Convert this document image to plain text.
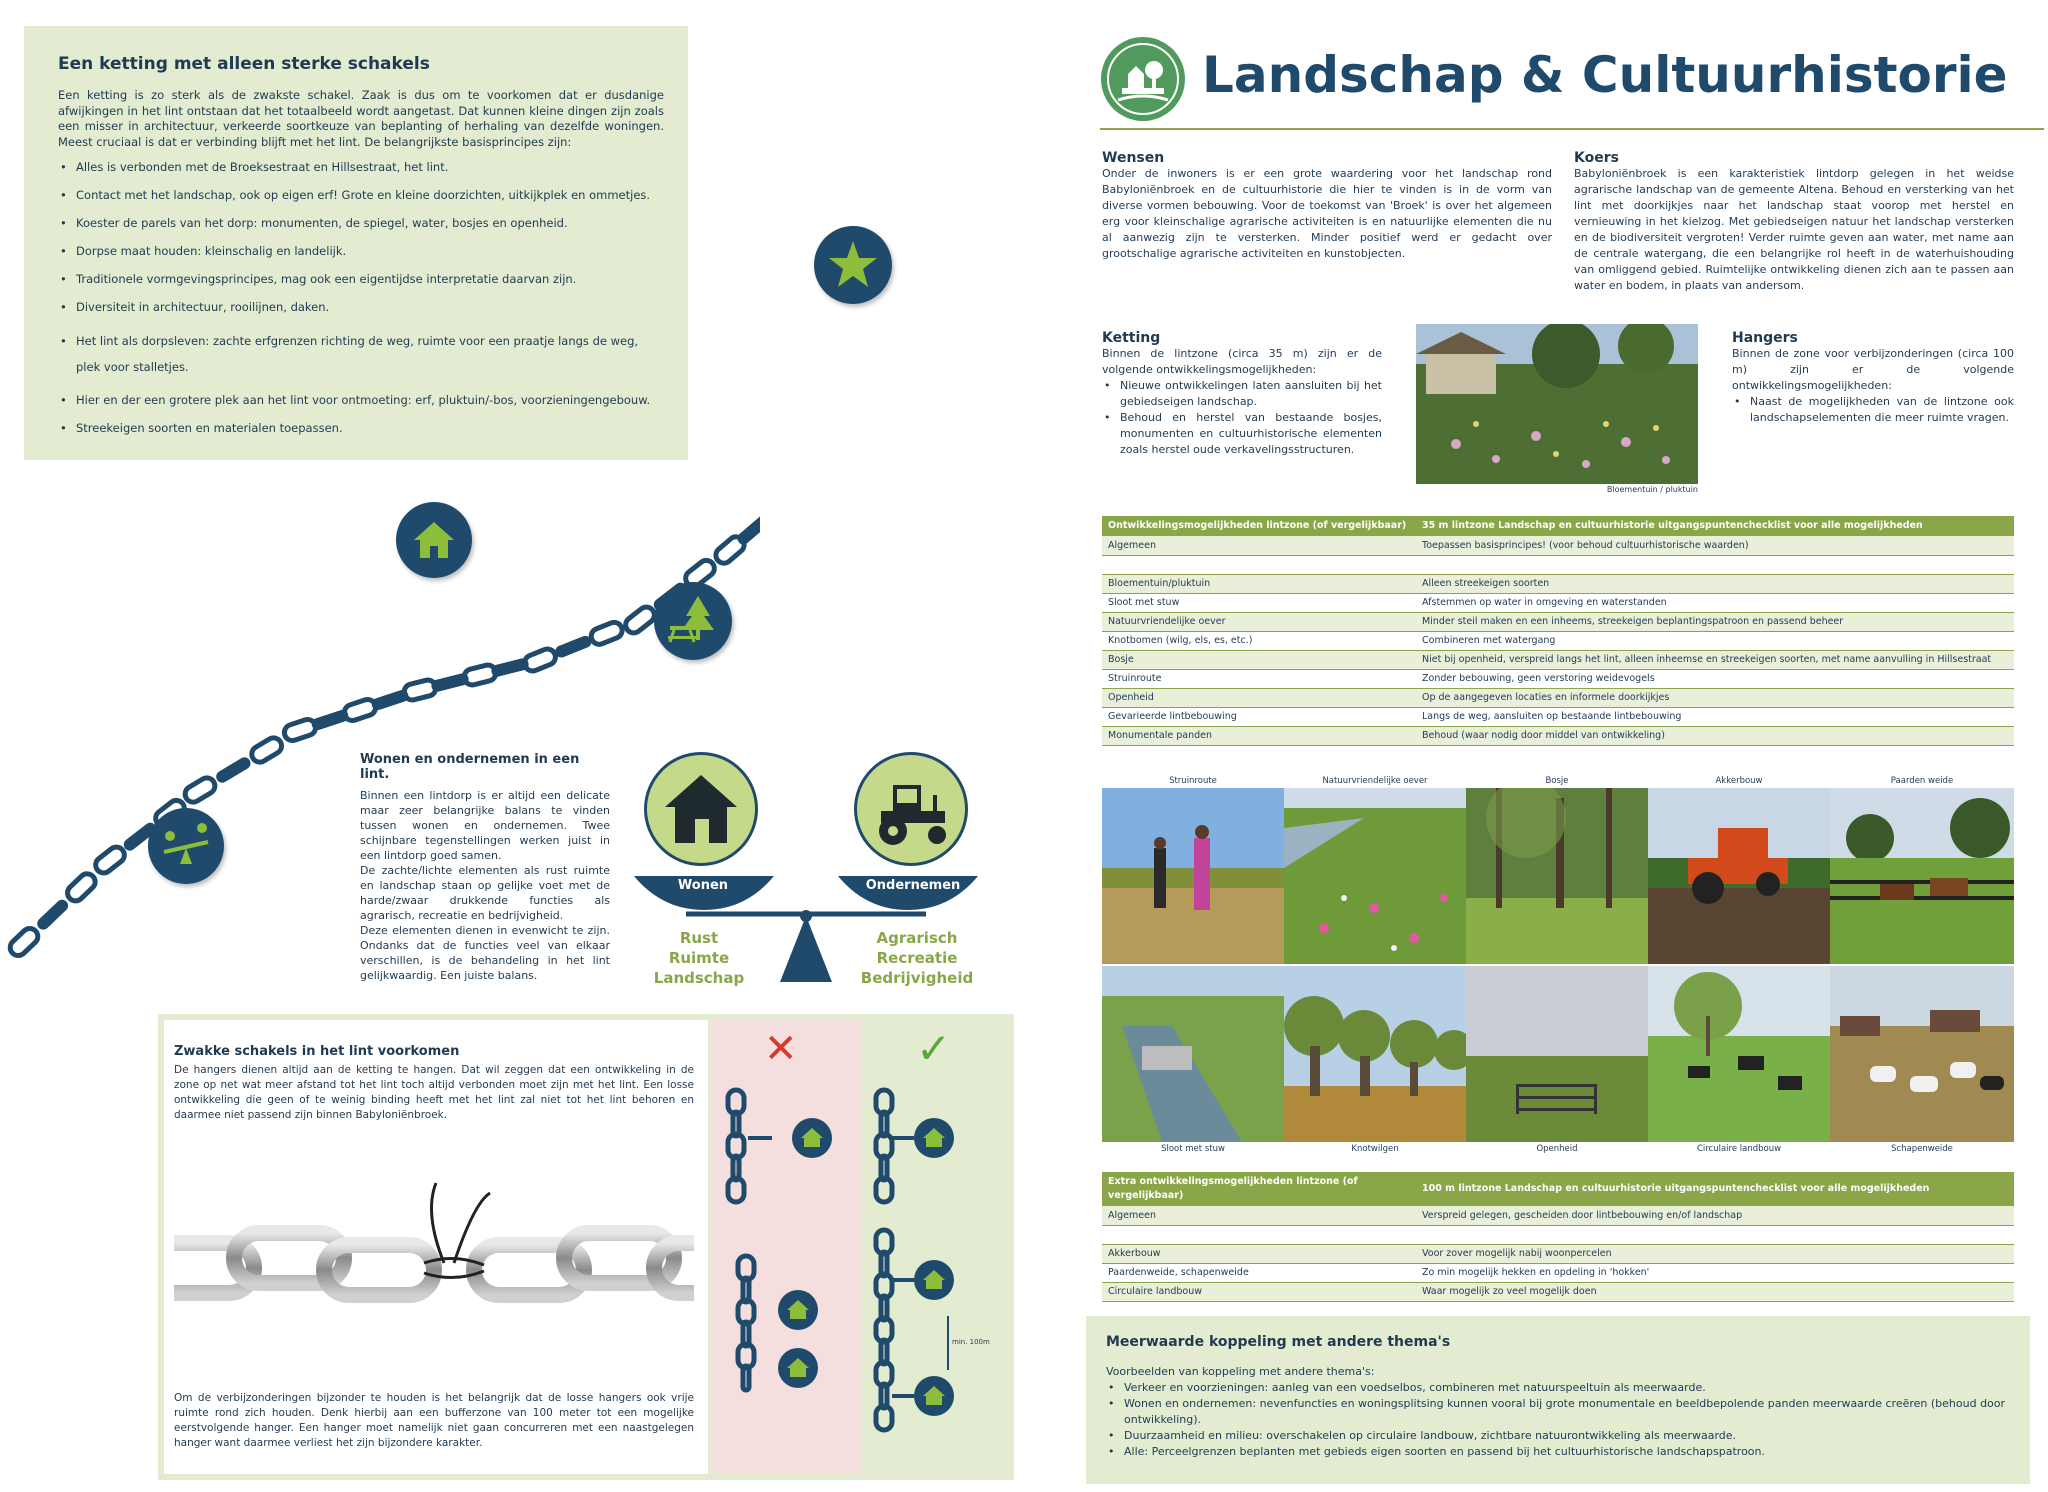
Een ketting met alleen sterke schakels

Een ketting is zo sterk als de zwakste schakel. Zaak is dus om te voorkomen dat er dusdanige afwijkingen in het lint ontstaan dat het totaalbeeld wordt aangetast. Dat kunnen kleine dingen zijn zoals een misser in architectuur, verkeerde soortkeuze van beplanting of herhaling van dezelfde woningen. Meest cruciaal is dat er verbinding blijft met het lint. De belangrijkste basisprincipes zijn:

• Alles is verbonden met de Broeksestraat en Hillsestraat, het lint.
• Contact met het landschap, ook op eigen erf! Grote en kleine doorzichten, uitkijkplek en ommetjes.
• Koester de parels van het dorp: monumenten, de spiegel, water, bosjes en openheid.
• Dorpse maat houden: kleinschalig en landelijk.
• Traditionele vormgevingsprincipes, mag ook een eigentijdse interpretatie daarvan zijn.
• Diversiteit in architectuur, rooilijnen, daken.
• Het lint als dorpsleven: zachte erfgrenzen richting de weg, ruimte voor een praatje langs de weg, plek voor stalletjes.
• Hier en der een grotere plek aan het lint voor ontmoeting: erf, pluktuin/-bos, voorzieningengebouw.
• Streekeigen soorten en materialen toepassen.
Wonen en ondernemen in een lint.

Binnen een lintdorp is er altijd een delicate maar zeer belangrijke balans te vinden tussen wonen en ondernemen. Twee schijnbare tegenstellingen werken juist in een lintdorp goed samen.

De zachte/lichte elementen als rust ruimte en landschap staan op gelijke voet met de harde/zwaar drukkende functies als agrarisch, recreatie en bedrijvigheid.

Deze elementen dienen in evenwicht te zijn. Ondanks dat de functies veel van elkaar verschillen, is de behandeling in het lint gelijkwaardig. Een juiste balans.

Wonen	Ondernemen
Rust
Ruimte
Landschap
Agrarisch
Recreatie
Bedrijvigheid
Zwakke schakels in het lint voorkomen

De hangers dienen altijd aan de ketting te hangen. Dat wil zeggen dat een ontwikkeling in de zone op net wat meer afstand tot het lint toch altijd verbonden moet zijn met het lint. Een losse ontwikkeling die geen of te weinig binding heeft met het lint zal niet tot het lint behoren en daarmee niet passend zijn binnen Babyloniënbroek.

Om de verbijzonderingen bijzonder te houden is het belangrijk dat de losse hangers ook vrije ruimte rond zich houden. Denk hierbij aan een bufferzone van 100 meter tot een mogelijke eerstvolgende hanger. Een hanger moet namelijk niet gaan concurreren met een naastgelegen hanger want daarmee verliest het zijn bijzondere karakter.

✕	✓
min. 100m
Landschap & Cultuurhistorie
Wensen

Onder de inwoners is er een grote waardering voor het landschap rond Babyloniënbroek en de cultuurhistorie die hier te vinden is in de vorm van diverse vormen bebouwing. Voor de toekomst van 'Broek' is over het algemeen erg voor kleinschalige agrarische activiteiten is en natuurlijke elementen die nu al aanwezig zijn te versterken. Minder positief werd er gedacht over grootschalige agrarische activiteiten en kunstobjecten.

Koers

Babyloniënbroek is een karakteristiek lintdorp gelegen in het weidse agrarische landschap van de gemeente Altena. Behoud en versterking van het lint met doorkijkjes naar het landschap staat voorop met herstel en vernieuwing in het kielzog. Met gebiedseigen natuur het landschap versterken en de biodiversiteit vergroten! Verder ruimte geven aan water, met name aan de centrale watergang, die een belangrijke rol heeft in de waterhuishouding van omliggend gebied. Ruimtelijke ontwikkeling dienen zich aan te passen aan water en bodem, in plaats van andersom.

Ketting

Binnen de lintzone (circa 35 m) zijn er de volgende ontwikkelingsmogelijkheden:

• Nieuwe ontwikkelingen laten aansluiten bij het gebiedseigen landschap.
• Behoud en herstel van bestaande bosjes, monumenten en cultuurhistorische elementen zoals herstel oude verkavelingsstructuren.
Bloementuin / pluktuin
Hangers

Binnen de zone voor verbijzonderingen (circa 100 m) zijn er de volgende ontwikkelingsmogelijkheden:

• Naast de mogelijkheden van de lintzone ook landschapselementen die meer ruimte vragen.
Ontwikkelingsmogelijkheden lintzone (of vergelijkbaar)	35 m lintzone Landschap en cultuurhistorie uitgangspuntenchecklist voor alle mogelijkheden
Algemeen	Toepassen basisprincipes! (voor behoud cultuurhistorische waarden)

Bloementuin/pluktuin	Alleen streekeigen soorten
Sloot met stuw	Afstemmen op water in omgeving en waterstanden
Natuurvriendelijke oever	Minder steil maken en een inheems, streekeigen beplantingspatroon en passend beheer
Knotbomen (wilg, els, es, etc.)	Combineren met watergang
Bosje	Niet bij openheid, verspreid langs het lint, alleen inheemse en streekeigen soorten, met name aanvulling in Hillsestraat
Struinroute	Zonder bebouwing, geen verstoring weidevogels
Openheid	Op de aangegeven locaties en informele doorkijkjes
Gevarieerde lintbebouwing	Langs de weg, aansluiten op bestaande lintbebouwing
Monumentale panden	Behoud (waar nodig door middel van ontwikkeling)
Struinroute	Natuurvriendelijke oever	Bosje	Akkerbouw	Paarden weide
Sloot met stuw	Knotwilgen	Openheid	Circulaire landbouw	Schapenweide
Extra ontwikkelingsmogelijkheden lintzone (of vergelijkbaar)	100 m lintzone Landschap en cultuurhistorie uitgangspuntenchecklist voor alle mogelijkheden
Algemeen	Verspreid gelegen, gescheiden door lintbebouwing en/of landschap

Akkerbouw	Voor zover mogelijk nabij woonpercelen
Paardenweide, schapenweide	Zo min mogelijk hekken en opdeling in 'hokken'
Circulaire landbouw	Waar mogelijk zo veel mogelijk doen
Meerwaarde koppeling met andere thema's

Voorbeelden van koppeling met andere thema's:

• Verkeer en voorzieningen: aanleg van een voedselbos, combineren met natuurspeeltuin als meerwaarde.
• Wonen en ondernemen: nevenfuncties en woningsplitsing kunnen vooral bij grote monumentale en beeldbepolende panden meerwaarde creëren (behoud door ontwikkeling).
• Duurzaamheid en milieu: overschakelen op circulaire landbouw, zichtbare natuurontwikkeling als meerwaarde.
• Alle: Perceelgrenzen beplanten met gebieds eigen soorten en passend bij het cultuurhistorische landschapspatroon.
